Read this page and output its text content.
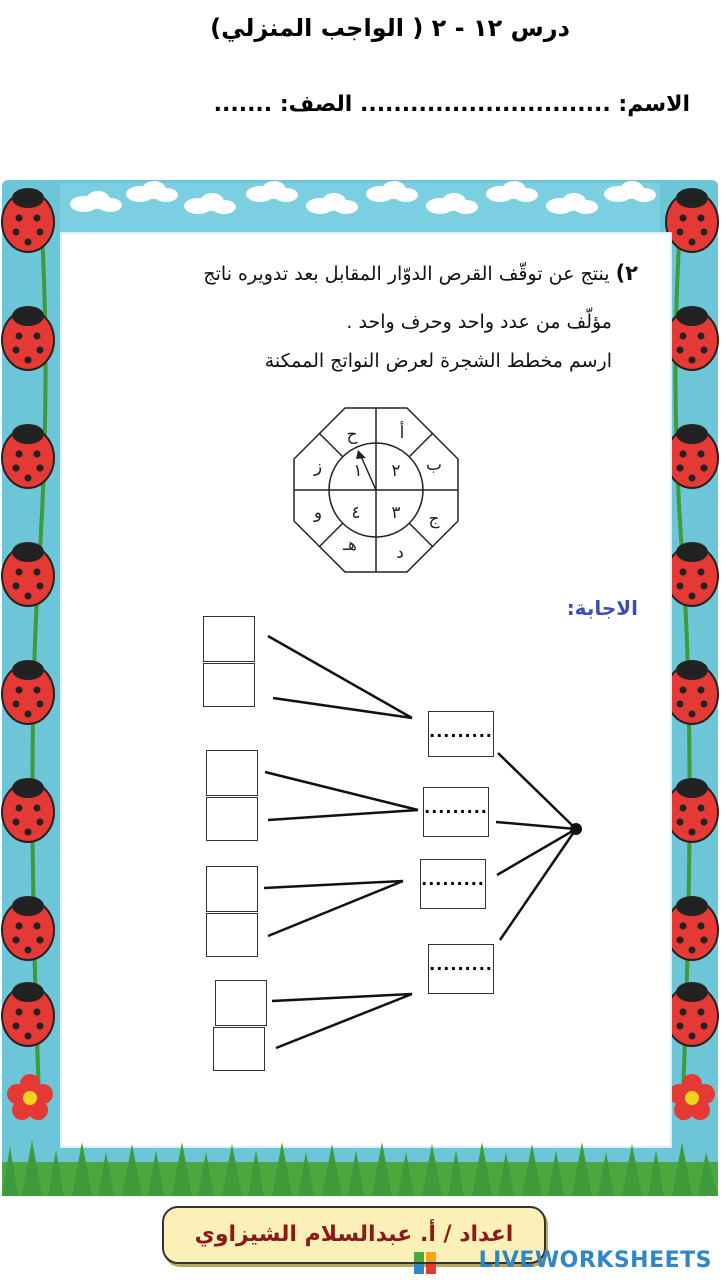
درس ١٢ - ٢ ( الواجب المنزلي)
الاسم: .............................. الصف: .......
٢) ينتج عن توقّف القرص الدوّار المقابل بعد تدويره ناتج
مؤلّف من عدد واحد وحرف واحد .
ارسم مخطط الشجرة لعرض النواتج الممكنة
أ
ب
ج
د
هـ
و
ز
ح
٢
٣
٤
١
الاجابة:
.........
.........
.........
.........
اعداد / أ. عبدالسلام الشيزاوي
LIVEWORKSHEETS
